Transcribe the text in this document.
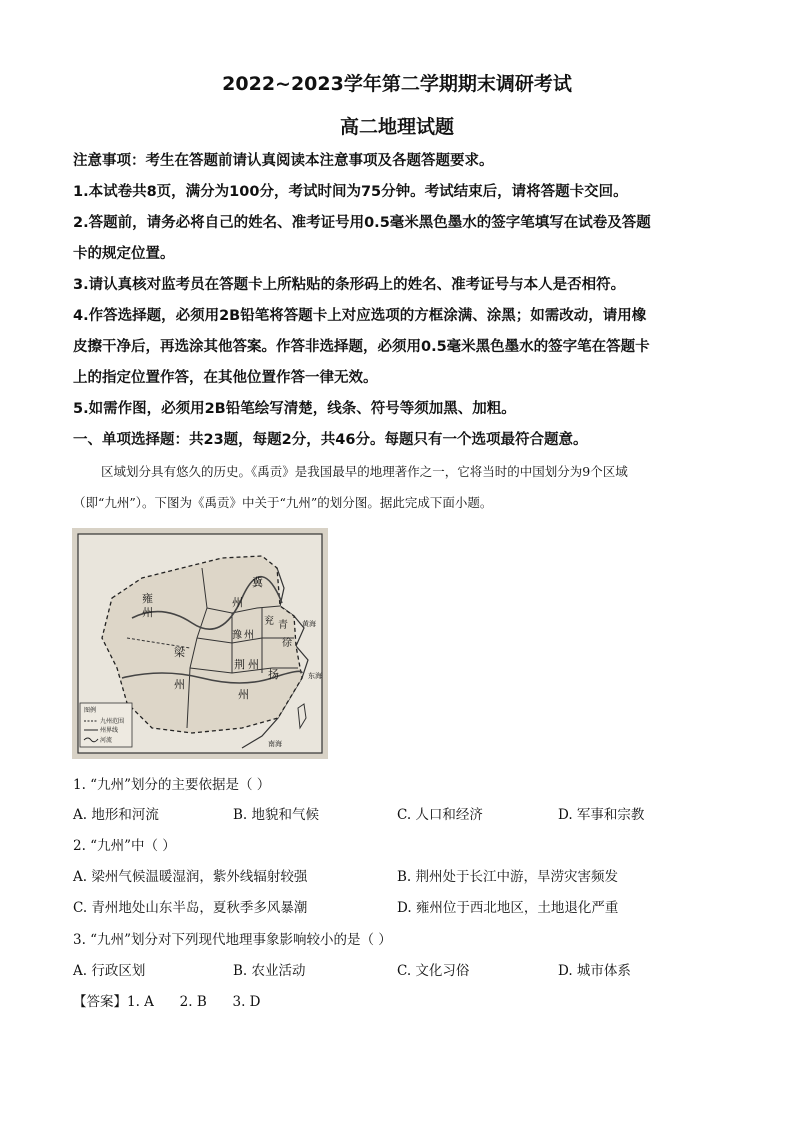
2022~2023学年第二学期期末调研考试
高二地理试题
注意事项：考生在答题前请认真阅读本注意事项及各题答题要求。
1.本试卷共8页，满分为100分，考试时间为75分钟。考试结束后，请将答题卡交回。
2.答题前，请务必将自己的姓名、准考证号用0.5毫米黑色墨水的签字笔填写在试卷及答题
卡的规定位置。
3.请认真核对监考员在答题卡上所粘贴的条形码上的姓名、准考证号与本人是否相符。
4.作答选择题，必须用2B铅笔将答题卡上对应选项的方框涂满、涂黑；如需改动，请用橡
皮擦干净后，再选涂其他答案。作答非选择题，必须用0.5毫米黑色墨水的签字笔在答题卡
上的指定位置作答，在其他位置作答一律无效。
5.如需作图，必须用2B铅笔绘写清楚，线条、符号等须加黑、加粗。
一、单项选择题：共23题，每题2分，共46分。每题只有一个选项最符合题意。
区域划分具有悠久的历史。《禹贡》是我国最早的地理著作之一，它将当时的中国划分为9个区域
（即“九州”）。下图为《禹贡》中关于“九州”的划分图。据此完成下面小题。
雍
州
冀
州
兖 青
豫 州
徐
梁
州
荆 州
扬
州
黄海
东海
南海
图例
九州范围
州界线
河流
1. “九州”划分的主要依据是（ ）
A. 地形和河流	B. 地貌和气候	C. 人口和经济	D. 军事和宗教
2. “九州”中（ ）
A. 梁州气候温暖湿润，紫外线辐射较强	B. 荆州处于长江中游，旱涝灾害频发
C. 青州地处山东半岛，夏秋季多风暴潮	D. 雍州位于西北地区，土地退化严重
3. “九州”划分对下列现代地理事象影响较小的是（ ）
A. 行政区划	B. 农业活动	C. 文化习俗	D. 城市体系
【答案】1. A      2. B      3. D
